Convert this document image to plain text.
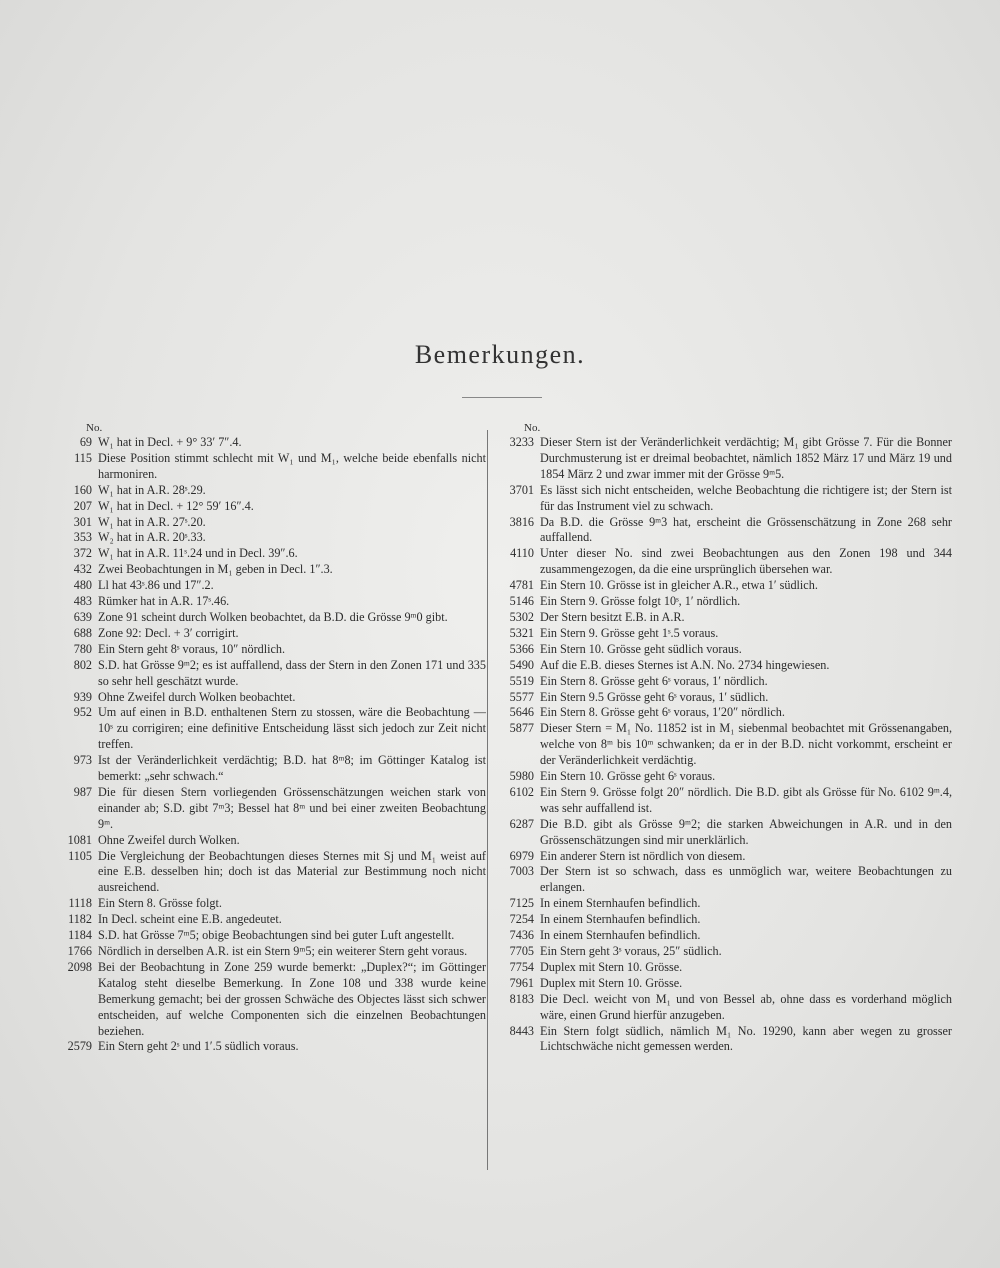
Bemerkungen.
No.
69 W₁ hat in Decl. + 9° 33′ 7″.4.
115 Diese Position stimmt schlecht mit W₁ und M₁, welche beide ebenfalls nicht harmoniren.
160 W₁ hat in A.R. 28ˢ.29.
207 W₁ hat in Decl. + 12° 59′ 16″.4.
301 W₁ hat in A.R. 27ˢ.20.
353 W₂ hat in A.R. 20ˢ.33.
372 W₁ hat in A.R. 11ˢ.24 und in Decl. 39″.6.
432 Zwei Beobachtungen in M₁ geben in Decl. 1″.3.
480 Ll hat 43ˢ.86 und 17″.2.
483 Rümker hat in A.R. 17ˢ.46.
639 Zone 91 scheint durch Wolken beobachtet, da B.D. die Grösse 9ᵐ0 gibt.
688 Zone 92: Decl. + 3′ corrigirt.
780 Ein Stern geht 8ˢ voraus, 10″ nördlich.
802 S.D. hat Grösse 9ᵐ2; es ist auffallend, dass der Stern in den Zonen 171 und 335 so sehr hell geschätzt wurde.
939 Ohne Zweifel durch Wolken beobachtet.
952 Um auf einen in B.D. enthaltenen Stern zu stossen, wäre die Beobachtung — 10ˢ zu corrigiren; eine definitive Entscheidung lässt sich jedoch zur Zeit nicht treffen.
973 Ist der Veränderlichkeit verdächtig; B.D. hat 8ᵐ8; im Göttinger Katalog ist bemerkt: „sehr schwach.“
987 Die für diesen Stern vorliegenden Grössenschätzungen weichen stark von einander ab; S.D. gibt 7ᵐ3; Bessel hat 8ᵐ und bei einer zweiten Beobachtung 9ᵐ.
1081 Ohne Zweifel durch Wolken.
1105 Die Vergleichung der Beobachtungen dieses Sternes mit Sj und M₁ weist auf eine E.B. desselben hin; doch ist das Material zur Bestimmung noch nicht ausreichend.
1118 Ein Stern 8. Grösse folgt.
1182 In Decl. scheint eine E.B. angedeutet.
1184 S.D. hat Grösse 7ᵐ5; obige Beobachtungen sind bei guter Luft angestellt.
1766 Nördlich in derselben A.R. ist ein Stern 9ᵐ5; ein weiterer Stern geht voraus.
2098 Bei der Beobachtung in Zone 259 wurde bemerkt: „Duplex?“; im Göttinger Katalog steht dieselbe Bemerkung. In Zone 108 und 338 wurde keine Bemerkung gemacht; bei der grossen Schwäche des Objectes lässt sich schwer entscheiden, auf welche Componenten sich die einzelnen Beobachtungen beziehen.
2579 Ein Stern geht 2ˢ und 1′.5 südlich voraus.
No.
3233 Dieser Stern ist der Veränderlichkeit verdächtig; M₁ gibt Grösse 7. Für die Bonner Durchmusterung ist er dreimal beobachtet, nämlich 1852 März 17 und März 19 und 1854 März 2 und zwar immer mit der Grösse 9ᵐ5.
3701 Es lässt sich nicht entscheiden, welche Beobachtung die richtigere ist; der Stern ist für das Instrument viel zu schwach.
3816 Da B.D. die Grösse 9ᵐ3 hat, erscheint die Grössenschätzung in Zone 268 sehr auffallend.
4110 Unter dieser No. sind zwei Beobachtungen aus den Zonen 198 und 344 zusammengezogen, da die eine ursprünglich übersehen war.
4781 Ein Stern 10. Grösse ist in gleicher A.R., etwa 1′ südlich.
5146 Ein Stern 9. Grösse folgt 10ˢ, 1′ nördlich.
5302 Der Stern besitzt E.B. in A.R.
5321 Ein Stern 9. Grösse geht 1ˢ.5 voraus.
5366 Ein Stern 10. Grösse geht südlich voraus.
5490 Auf die E.B. dieses Sternes ist A.N. No. 2734 hingewiesen.
5519 Ein Stern 8. Grösse geht 6ˢ voraus, 1′ nördlich.
5577 Ein Stern 9.5 Grösse geht 6ˢ voraus, 1′ südlich.
5646 Ein Stern 8. Grösse geht 6ˢ voraus, 1′20″ nördlich.
5877 Dieser Stern = M₁ No. 11852 ist in M₁ siebenmal beobachtet mit Grössenangaben, welche von 8ᵐ bis 10ᵐ schwanken; da er in der B.D. nicht vorkommt, erscheint er der Veränderlichkeit verdächtig.
5980 Ein Stern 10. Grösse geht 6ˢ voraus.
6102 Ein Stern 9. Grösse folgt 20″ nördlich. Die B.D. gibt als Grösse für No. 6102 9ᵐ.4, was sehr auffallend ist.
6287 Die B.D. gibt als Grösse 9ᵐ2; die starken Abweichungen in A.R. und in den Grössenschätzungen sind mir unerklärlich.
6979 Ein anderer Stern ist nördlich von diesem.
7003 Der Stern ist so schwach, dass es unmöglich war, weitere Beobachtungen zu erlangen.
7125 In einem Sternhaufen befindlich.
7254 In einem Sternhaufen befindlich.
7436 In einem Sternhaufen befindlich.
7705 Ein Stern geht 3ˢ voraus, 25″ südlich.
7754 Duplex mit Stern 10. Grösse.
7961 Duplex mit Stern 10. Grösse.
8183 Die Decl. weicht von M₁ und von Bessel ab, ohne dass es vorderhand möglich wäre, einen Grund hierfür anzugeben.
8443 Ein Stern folgt südlich, nämlich M₁ No. 19290, kann aber wegen zu grosser Lichtschwäche nicht gemessen werden.
